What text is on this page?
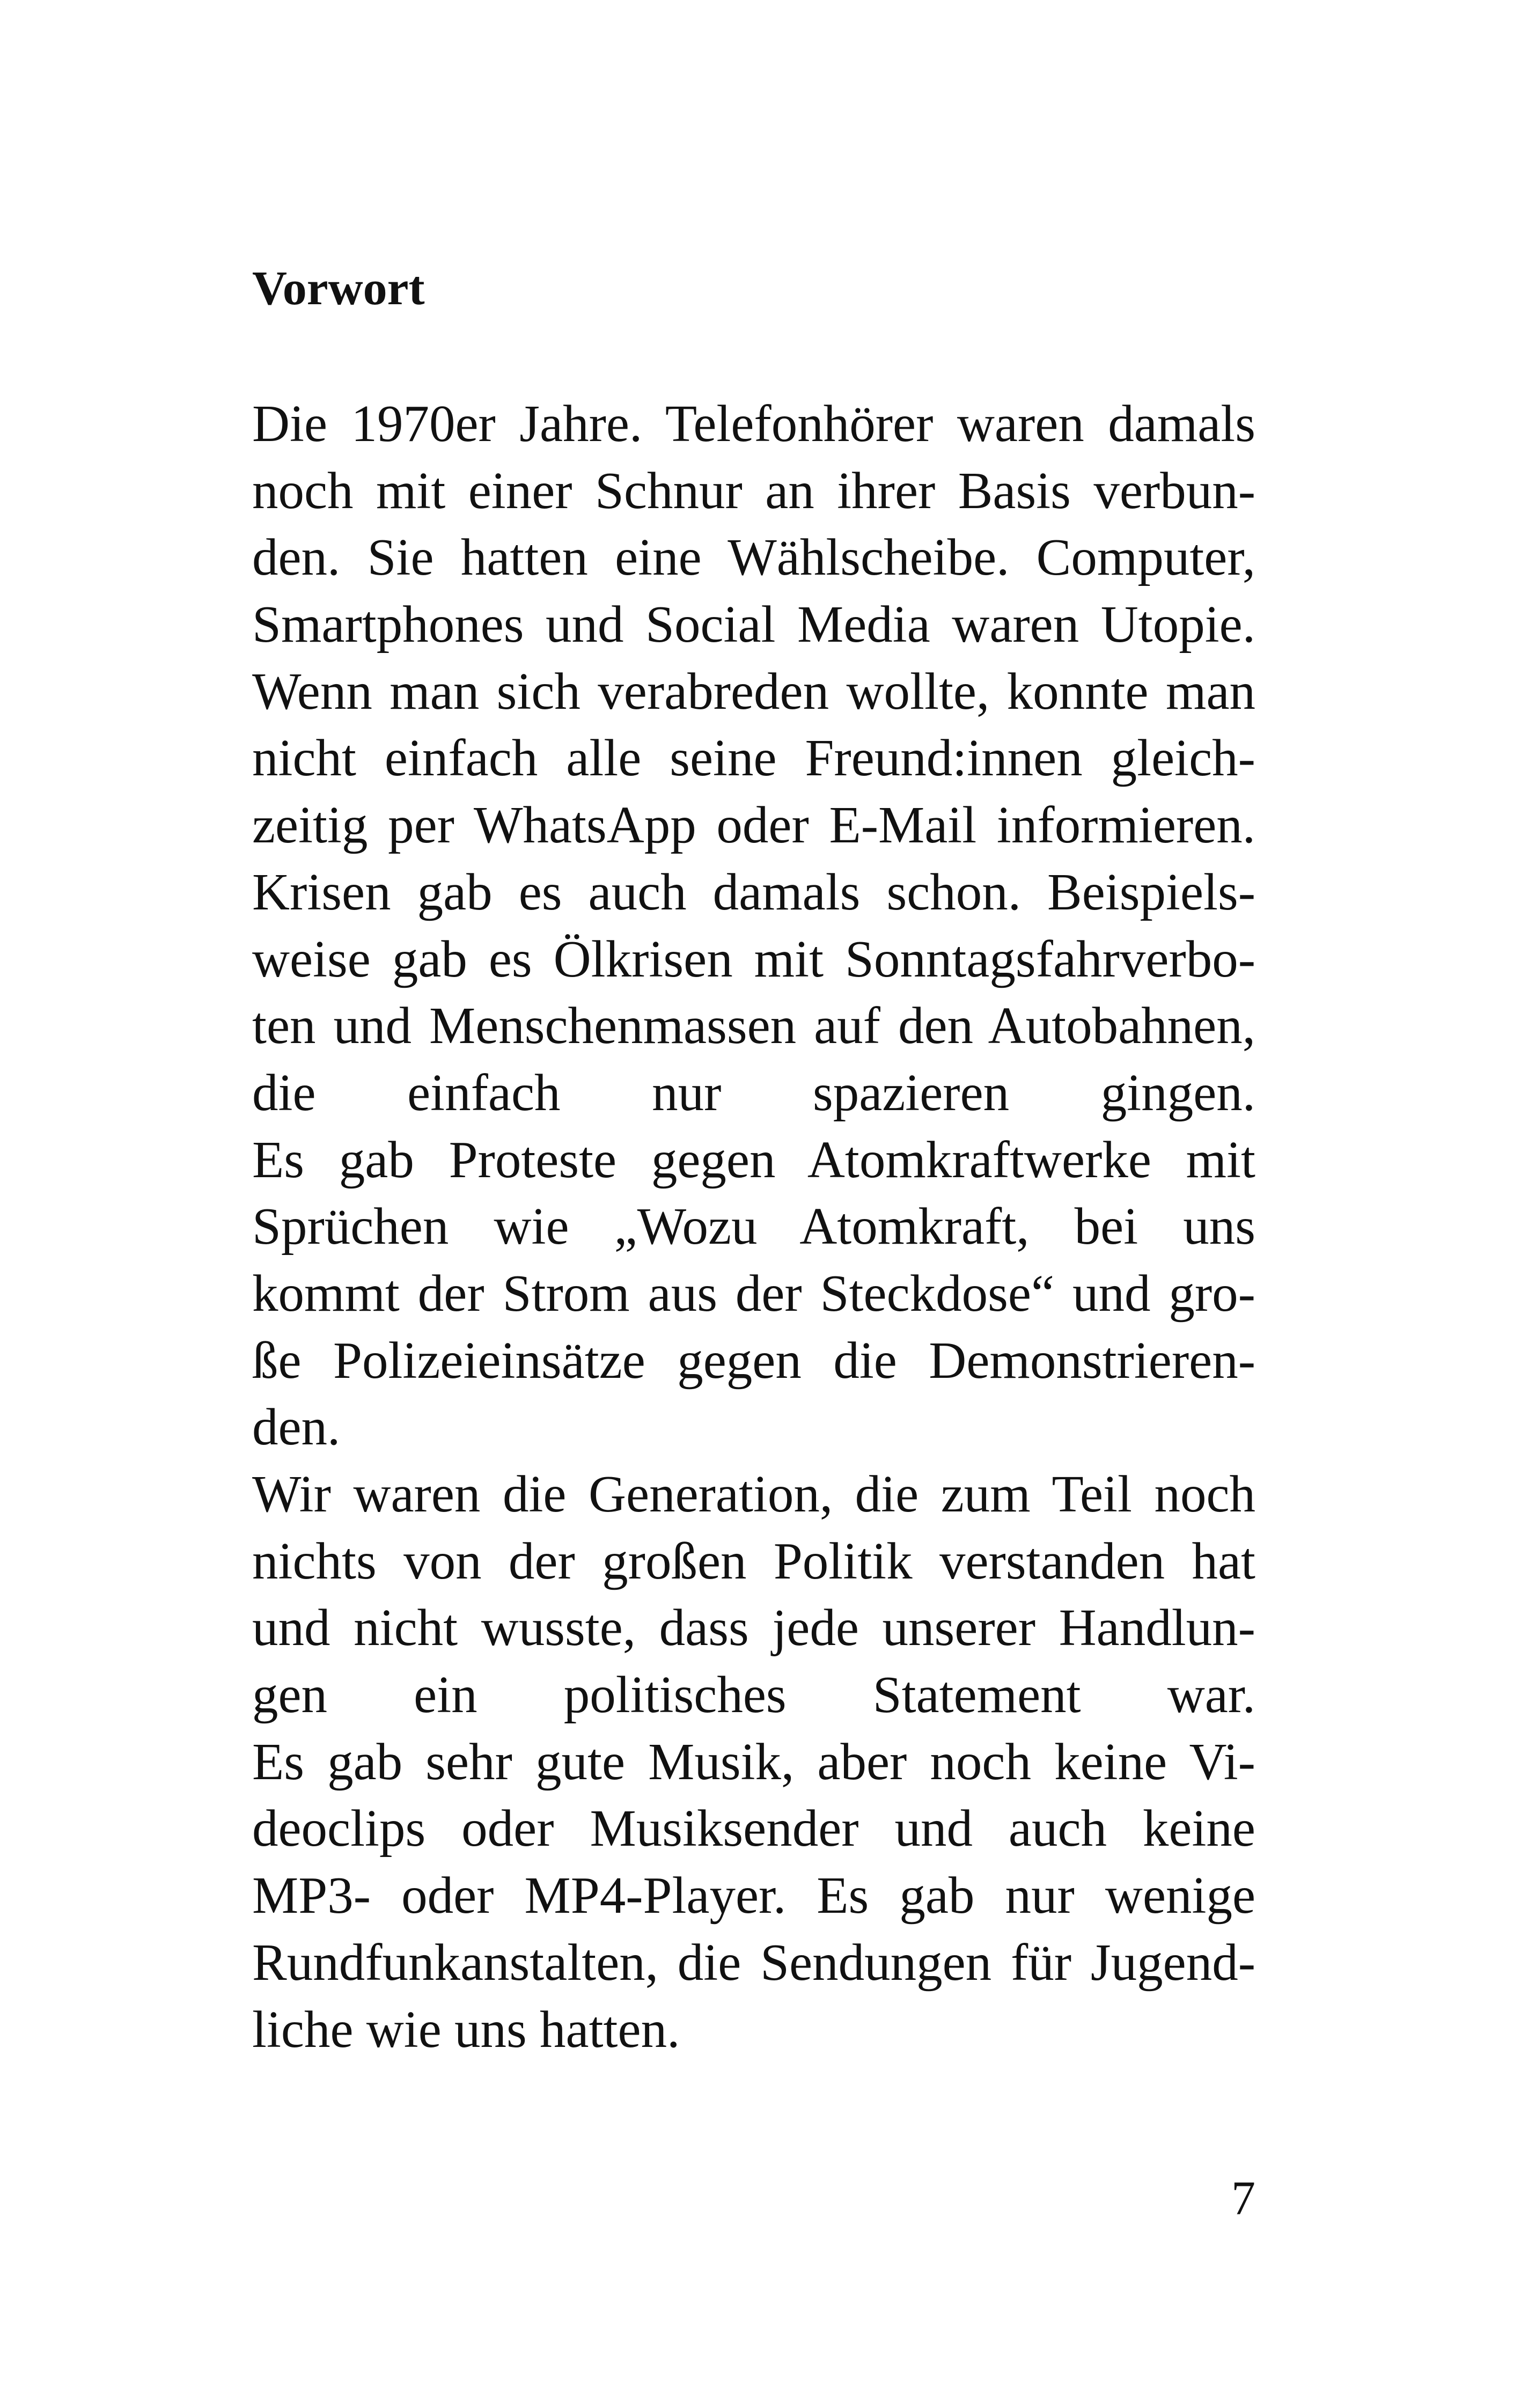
Vorwort
Die 1970er Jahre. Telefonhörer waren damals
noch mit einer Schnur an ihrer Basis verbun-
den. Sie hatten eine Wählscheibe. Computer,
Smartphones und Social Media waren Utopie.
Wenn man sich verabreden wollte, konnte man
nicht einfach alle seine Freund:innen gleich-
zeitig per WhatsApp oder E-Mail informieren.
Krisen gab es auch damals schon. Beispiels-
weise gab es Ölkrisen mit Sonntagsfahrverbo-
ten und Menschenmassen auf den Autobahnen,
die einfach nur spazieren gingen.
Es gab Proteste gegen Atomkraftwerke mit
Sprüchen wie „Wozu Atomkraft, bei uns
kommt der Strom aus der Steckdose“ und gro-
ße Polizeieinsätze gegen die Demonstrieren-
den.
Wir waren die Generation, die zum Teil noch
nichts von der großen Politik verstanden hat
und nicht wusste, dass jede unserer Handlun-
gen ein politisches Statement war.
Es gab sehr gute Musik, aber noch keine Vi-
deoclips oder Musiksender und auch keine
MP3- oder MP4-Player. Es gab nur wenige
Rundfunkanstalten, die Sendungen für Jugend-
liche wie uns hatten.
7
